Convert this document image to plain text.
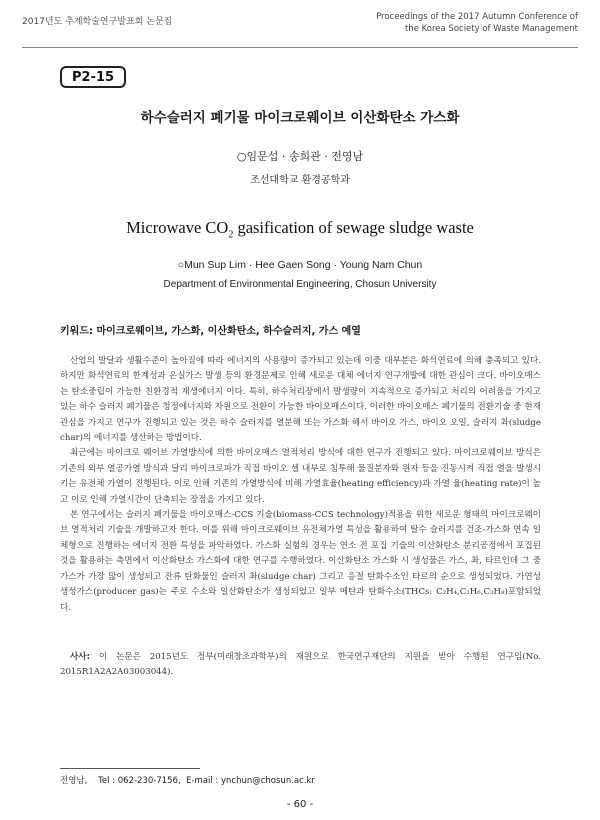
2017년도 추계학술연구발표회 논문집	Proceedings of the 2017 Autumn Conference of
the Korea Society of Waste Management
P2-15
하수슬러지 폐기물 마이크로웨이브 이산화탄소 가스화
○임문섭 · 송희관 · 전영남
조선대학교 환경공학과
Microwave $CO_2$ gasification of sewage sludge waste
○Mun Sup Lim · Hee Gaen Song · Young Nam Chun
Department of Environmental Engineering, Chosun University
키워드: 마이크로웨이브, 가스화, 이산화탄소, 하수슬러지, 가스 예열

산업의 발달과 생활수준이 높아짐에 따라 에너지의 사용량이 증가되고 있는데 이중 대부분은 화석연료에 의해 충족되고 있다. 하지만 화석연료의 한계성과 온실가스 발생 등의 환경문제로 인해 새로운 대체 에너지 연구개발에 대한 관심이 크다. 바이오매스는 탄소중립이 가능한 친환경적 재생에너지 이다. 특히, 하수처리장에서 발생량이 지속적으로 증가되고 처리의 어려움을 가지고 있는 하수 슬러지 폐기물은 청정에너지와 자원으로 전환이 가능한 바이오매스이다. 이러한 바이오매스 폐기물의 전환기술 중 현재 관심을 가지고 연구가 진행되고 있는 것은 하수 슬러지를 열분해 또는 가스화 해서 바이오 가스, 바이오 오일, 슬러지 촤(sludge char)의 에너지를 생산하는 방법이다.

최근에는 마이크로 웨이브 가열방식에 의한 바이오매스 열적처리 방식에 대한 연구가 진행되고 있다. 마이크로웨이브 방식은 기존의 외부 열공가열 방식과 달리 마이크로파가 직접 바이오 셀 내부로 침투해 물질분자와 원자 등을 진동시켜 직접 열을 발생시키는 유전체 가열이 진행된다. 이로 인해 기존의 가열방식에 비해 가열효율(heating efficiency)과 가열 율(heating rate)이 높고 이로 인해 가열시간이 단축되는 장점을 가지고 있다.

본 연구에서는 슬러지 폐기물을 바이오매스-CCS 기술(biomass-CCS technology)적용을 위한 새로운 형태의 마이크로웨이브 열적처리 기술을 개발하고자 한다. 이를 위해 마이크로웨이브 유전체가열 특성을 활용하여 탈수 슬러지를 건조-가스화 연속 일체형으로 진행하는 에너지 전환 특성을 파악하였다. 가스화 실험의 경우는 연소 전 포집 기술의 이산화탄소 분리공정에서 포집된 것을 활용하는 측면에서 이산화탄소 가스화에 대한 연구를 수행하였다. 이산화탄소 가스화 시 생성물은 가스, 촤, 타르인데 그 중 가스가 가장 많이 생성되고 잔류 탄화물인 슬러지 촤(sludge char) 그리고 응절 탄화수소인 타르의 순으로 생성되었다. 가연성 생성가스(producer gas)는 주로 수소와 일산화탄소가 생성되었고 일부 메탄과 탄화수소(THCs: C₂H₄,C₂H₆,C₃H₈)포함되었다.

사사: 이 논문은 2015년도 정부(미래창조과학부)의 재원으로 한국연구재단의 지원을 받아 수행된 연구임(No. 2015R1A2A2A03003044).

전영남,    Tel : 062-230-7156,  E-mail : ynchun@chosun.ac.kr
- 60 -
